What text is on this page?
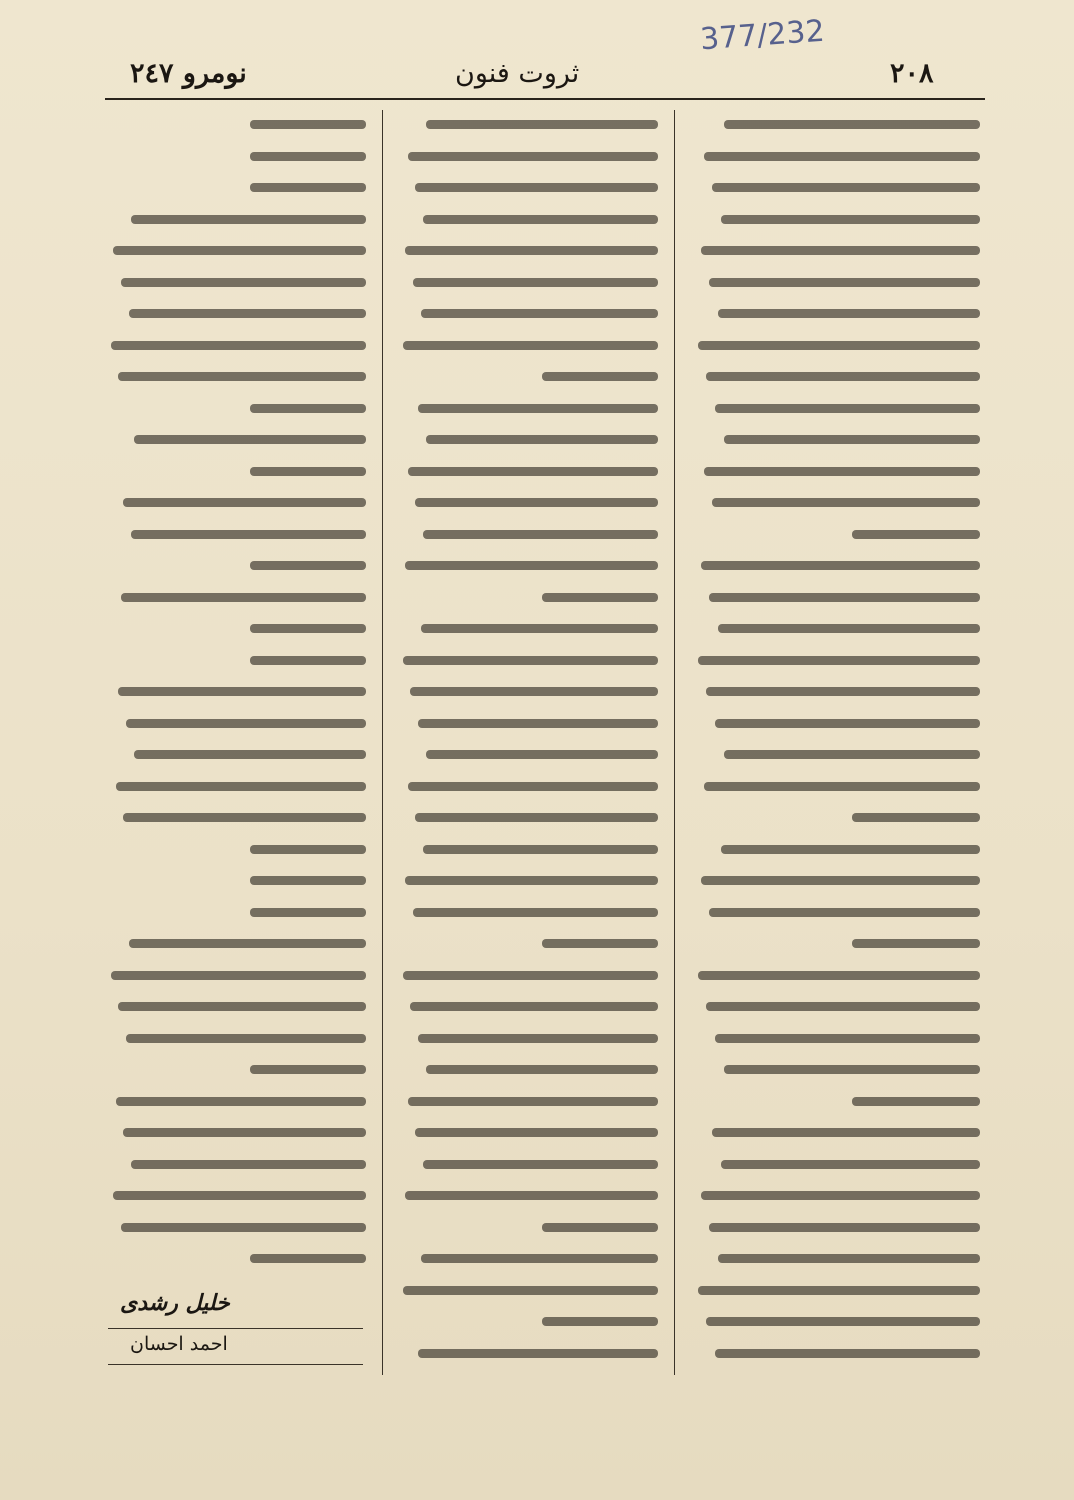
377/232
٢٠٨
ثروت فنون
نومرو ٢٤٧
خليل رشدى
احمد احسان
